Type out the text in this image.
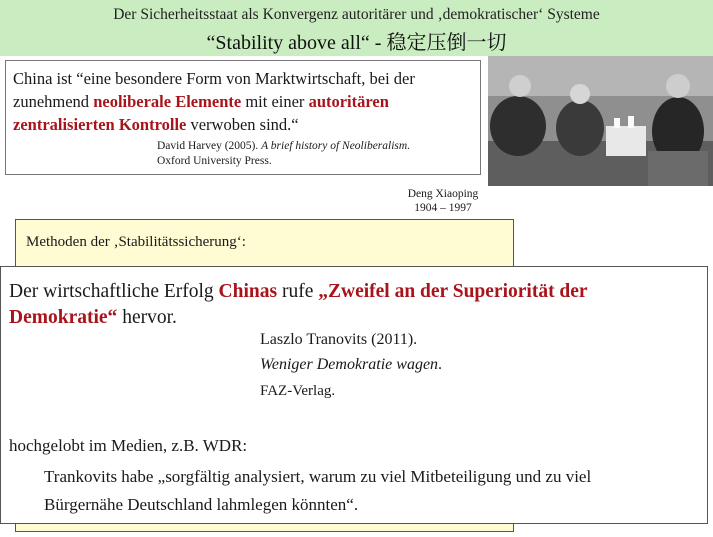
Der Sicherheitsstaat als Konvergenz autoritärer und ‚demokratischer‘ Systeme
“Stability above all“ - 稳定压倒一切
China ist “eine besondere Form von Marktwirtschaft, bei der zunehmend neoliberale Elemente mit einer autoritären zentralisierten Kontrolle verwoben sind.“
David Harvey (2005). A brief history of Neoliberalism.
Oxford University Press.
Deng Xiaoping
1904 – 1997
Methoden der ‚Stabilitätssicherung‘:
Der wirtschaftliche Erfolg Chinas rufe „Zweifel an der Superiorität der Demokratie“ hervor.
Laszlo Tranovits (2011).
Weniger Demokratie wagen.
FAZ-Verlag.
hochgelobt im Medien, z.B. WDR:
Trankovits habe „sorgfältig analysiert, warum zu viel Mitbeteiligung und zu viel
Bürgernähe Deutschland lahmlegen könnten“.
